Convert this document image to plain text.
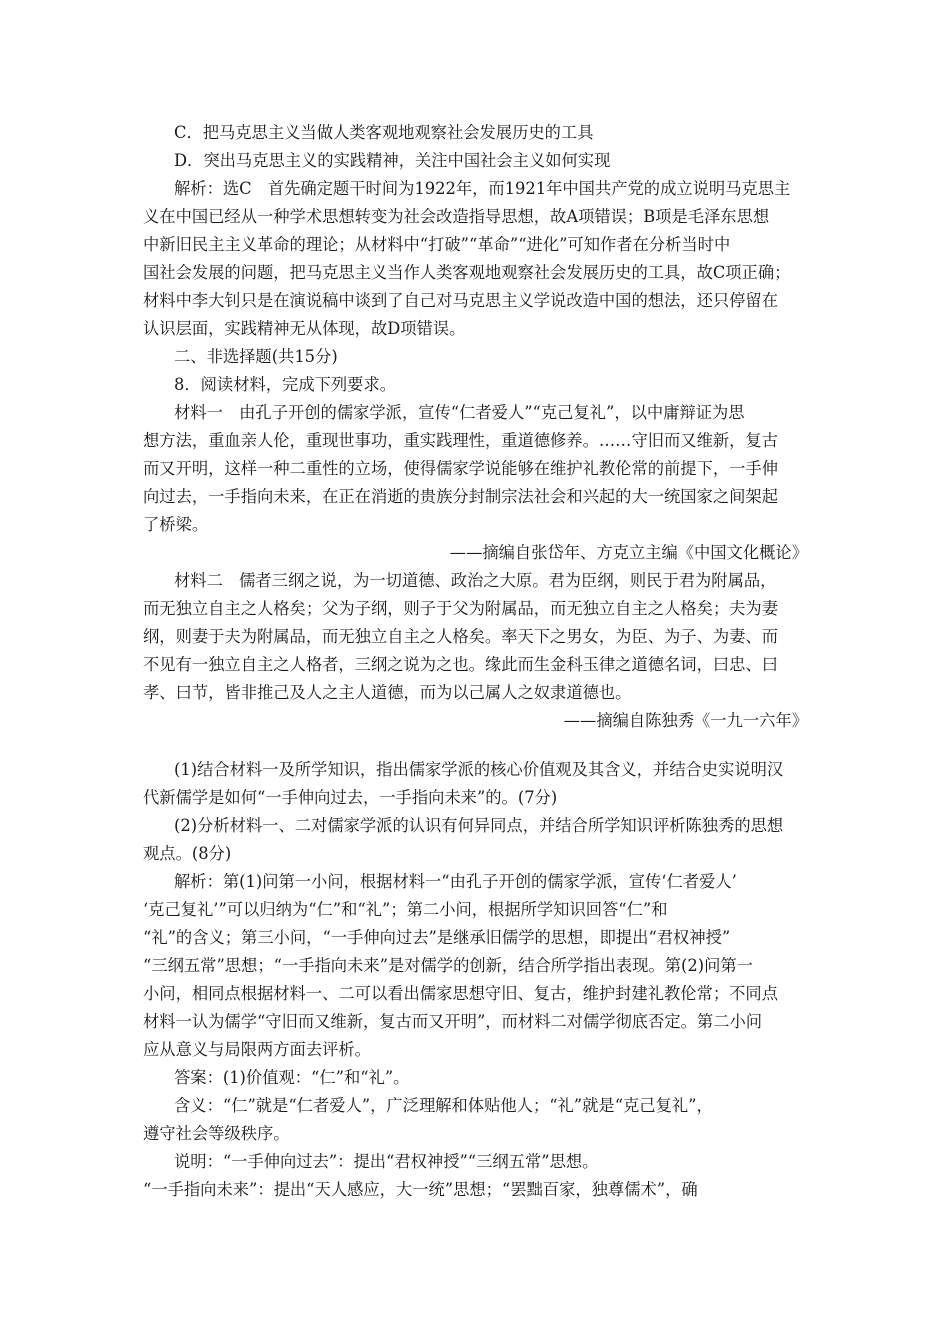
C．把马克思主义当做人类客观地观察社会发展历史的工具
D．突出马克思主义的实践精神，关注中国社会主义如何实现
解析：选C　首先确定题干时间为1922年，而1921年中国共产党的成立说明马克思主
义在中国已经从一种学术思想转变为社会改造指导思想，故A项错误；B项是毛泽东思想
中新旧民主主义革命的理论；从材料中“打破”“革命”“进化”可知作者在分析当时中
国社会发展的问题，把马克思主义当作人类客观地观察社会发展历史的工具，故C项正确；
材料中李大钊只是在演说稿中谈到了自己对马克思主义学说改造中国的想法，还只停留在
认识层面，实践精神无从体现，故D项错误。
二、非选择题(共15分)
8．阅读材料，完成下列要求。
材料一　由孔子开创的儒家学派，宣传“仁者爱人”“克己复礼”，以中庸辩证为思
想方法，重血亲人伦，重现世事功，重实践理性，重道德修养。……守旧而又维新，复古
而又开明，这样一种二重性的立场，使得儒家学说能够在维护礼教伦常的前提下，一手伸
向过去，一手指向未来，在正在消逝的贵族分封制宗法社会和兴起的大一统国家之间架起
了桥梁。
——摘编自张岱年、方克立主编《中国文化概论》
材料二　儒者三纲之说，为一切道德、政治之大原。君为臣纲，则民于君为附属品，
而无独立自主之人格矣；父为子纲，则子于父为附属品，而无独立自主之人格矣；夫为妻
纲，则妻于夫为附属品，而无独立自主之人格矣。率天下之男女，为臣、为子、为妻、而
不见有一独立自主之人格者，三纲之说为之也。缘此而生金科玉律之道德名词，曰忠、曰
孝、曰节，皆非推己及人之主人道德，而为以己属人之奴隶道德也。
——摘编自陈独秀《一九一六年》
(1)结合材料一及所学知识，指出儒家学派的核心价值观及其含义，并结合史实说明汉
代新儒学是如何“一手伸向过去，一手指向未来”的。(7分)
(2)分析材料一、二对儒家学派的认识有何异同点，并结合所学知识评析陈独秀的思想
观点。(8分)
解析：第(1)问第一小问，根据材料一“由孔子开创的儒家学派，宣传‘仁者爱人’
‘克己复礼’”可以归纳为“仁”和“礼”；第二小问，根据所学知识回答“仁”和
“礼”的含义；第三小问，“一手伸向过去”是继承旧儒学的思想，即提出“君权神授”
“三纲五常”思想；“一手指向未来”是对儒学的创新，结合所学指出表现。第(2)问第一
小问，相同点根据材料一、二可以看出儒家思想守旧、复古，维护封建礼教伦常；不同点
材料一认为儒学“守旧而又维新，复古而又开明”，而材料二对儒学彻底否定。第二小问
应从意义与局限两方面去评析。
答案：(1)价值观：“仁”和“礼”。
含义：“仁”就是“仁者爱人”，广泛理解和体贴他人；“礼”就是“克己复礼”，
遵守社会等级秩序。
说明：“一手伸向过去”：提出“君权神授”“三纲五常”思想。
“一手指向未来”：提出“天人感应，大一统”思想；“罢黜百家，独尊儒术”，确
